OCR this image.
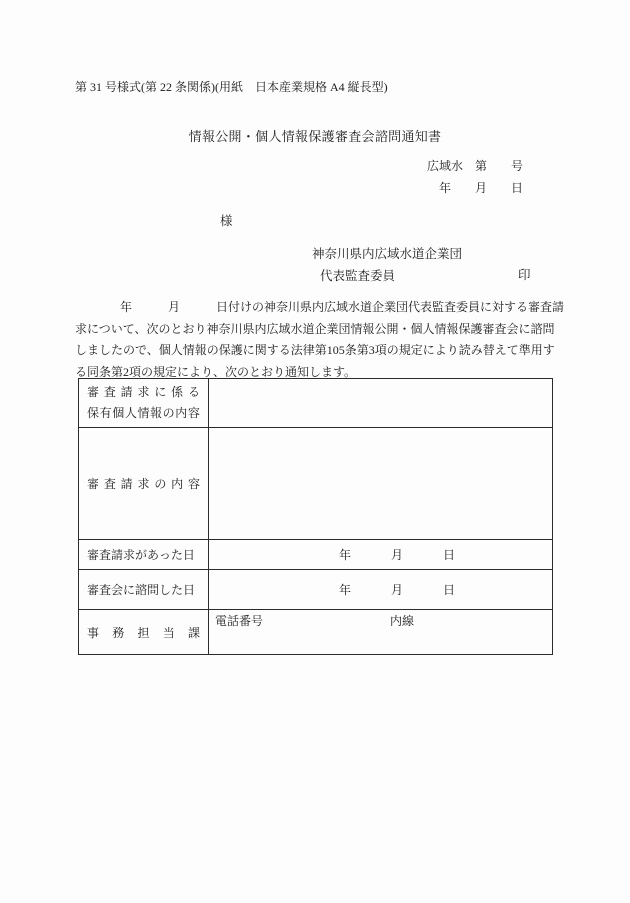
第 31 号様式(第 22 条関係)(用紙　日本産業規格 A4 縦長型)
情報公開・個人情報保護審査会諮問通知書
広域水　第　　号
年　　月　　日
様
神奈川県内広域水道企業団
代表監査委員	印
年　　　月　　　日付けの神奈川県内広域水道企業団代表監査委員に対する審査請
求について、次のとおり神奈川県内広域水道企業団情報公開・個人情報保護審査会に諮問
しましたので、個人情報の保護に関する法律第105条第3項の規定により読み替えて準用す
る同条第2項の規定により、次のとおり通知します。
審 査 請 求 に 係 る
保 有 個 人 情 報 の 内 容

審 査 請 求 の 内 容

審査請求があった日	年 月 日

審査会に諮問した日	年 月 日

事 務 担 当 課	電話番号 内線
